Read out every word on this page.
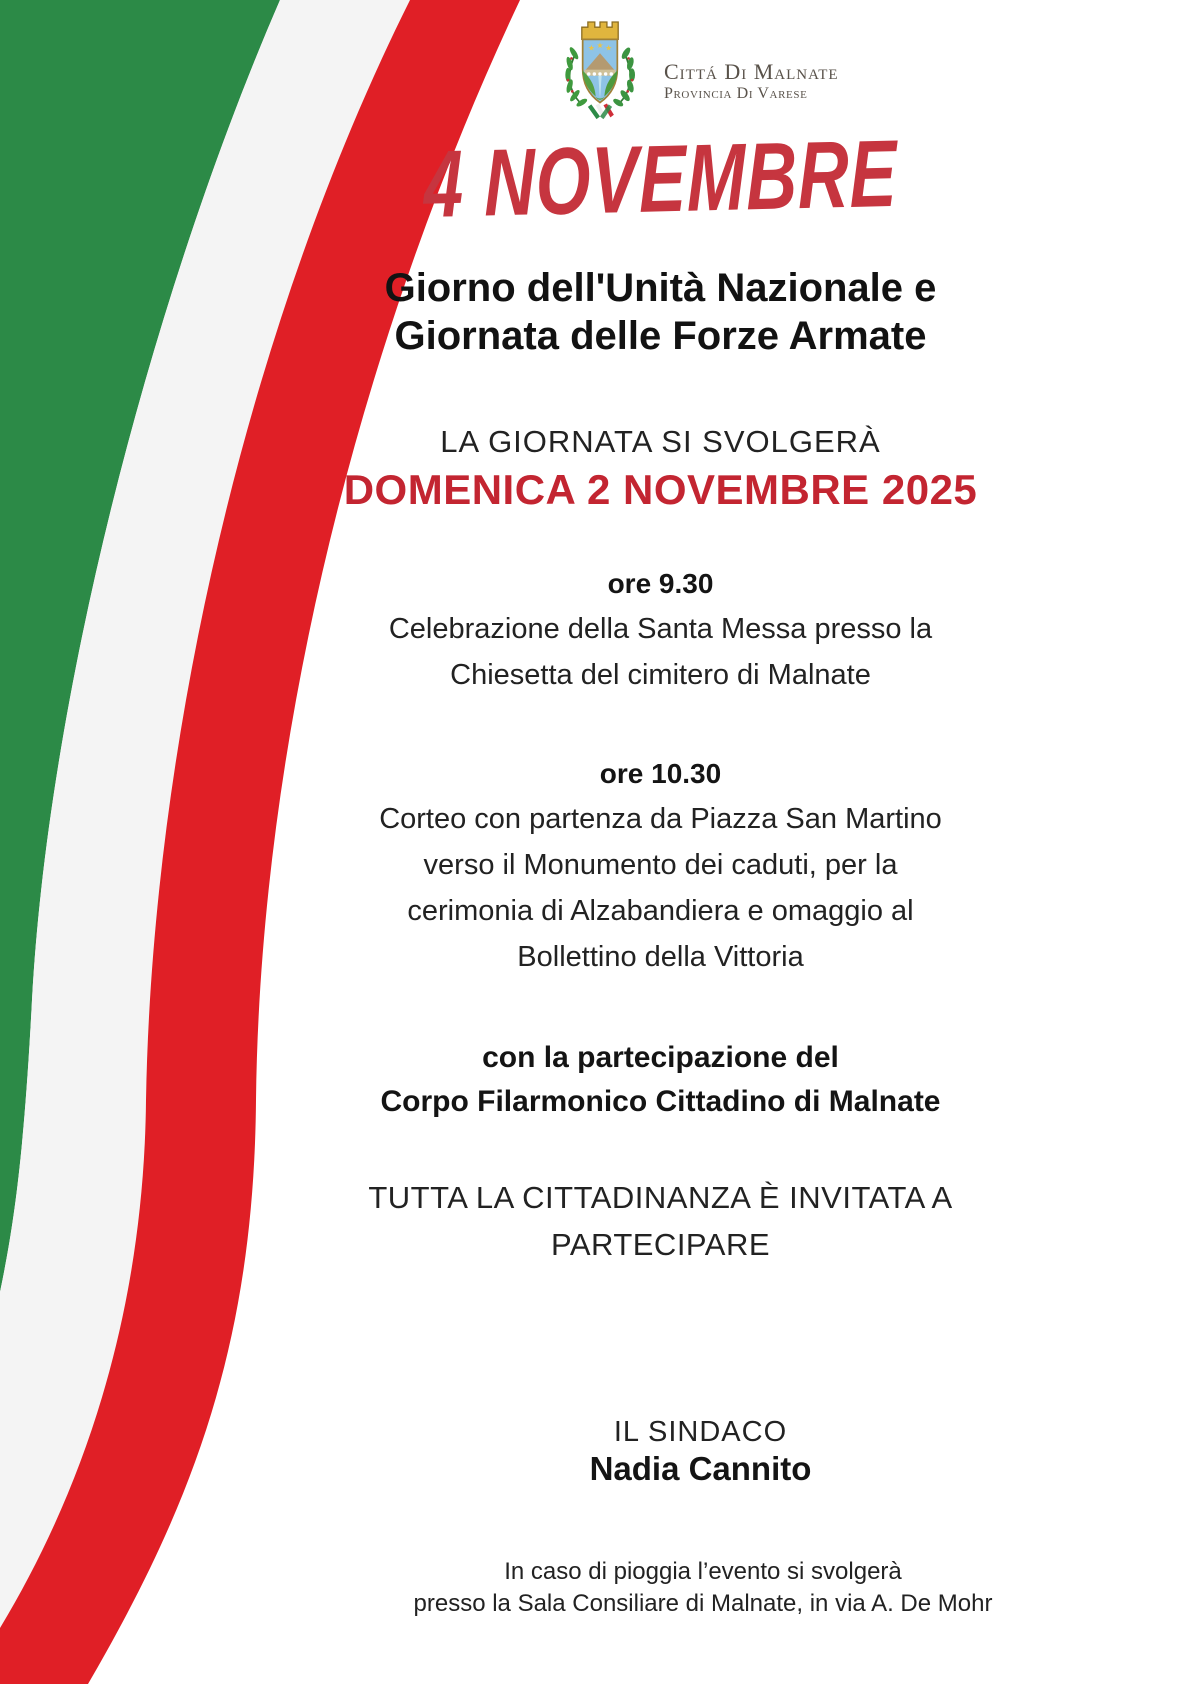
★ ★ ★
Cittá Di Malnate
Provincia Di Varese
4 NOVEMBRE
Giorno dell'Unità Nazionale e
Giornata delle Forze Armate
LA GIORNATA SI SVOLGERÀ
DOMENICA 2 NOVEMBRE 2025
ore 9.30
Celebrazione della Santa Messa presso la
Chiesetta del cimitero di Malnate
ore 10.30
Corteo con partenza da Piazza San Martino
verso il Monumento dei caduti, per la
cerimonia di Alzabandiera e omaggio al
Bollettino della Vittoria
con la partecipazione del
Corpo Filarmonico Cittadino di Malnate
TUTTA LA CITTADINANZA È INVITATA A
PARTECIPARE
IL SINDACO
Nadia Cannito
In caso di pioggia l’evento si svolgerà
presso la Sala Consiliare di Malnate, in via A. De Mohr
